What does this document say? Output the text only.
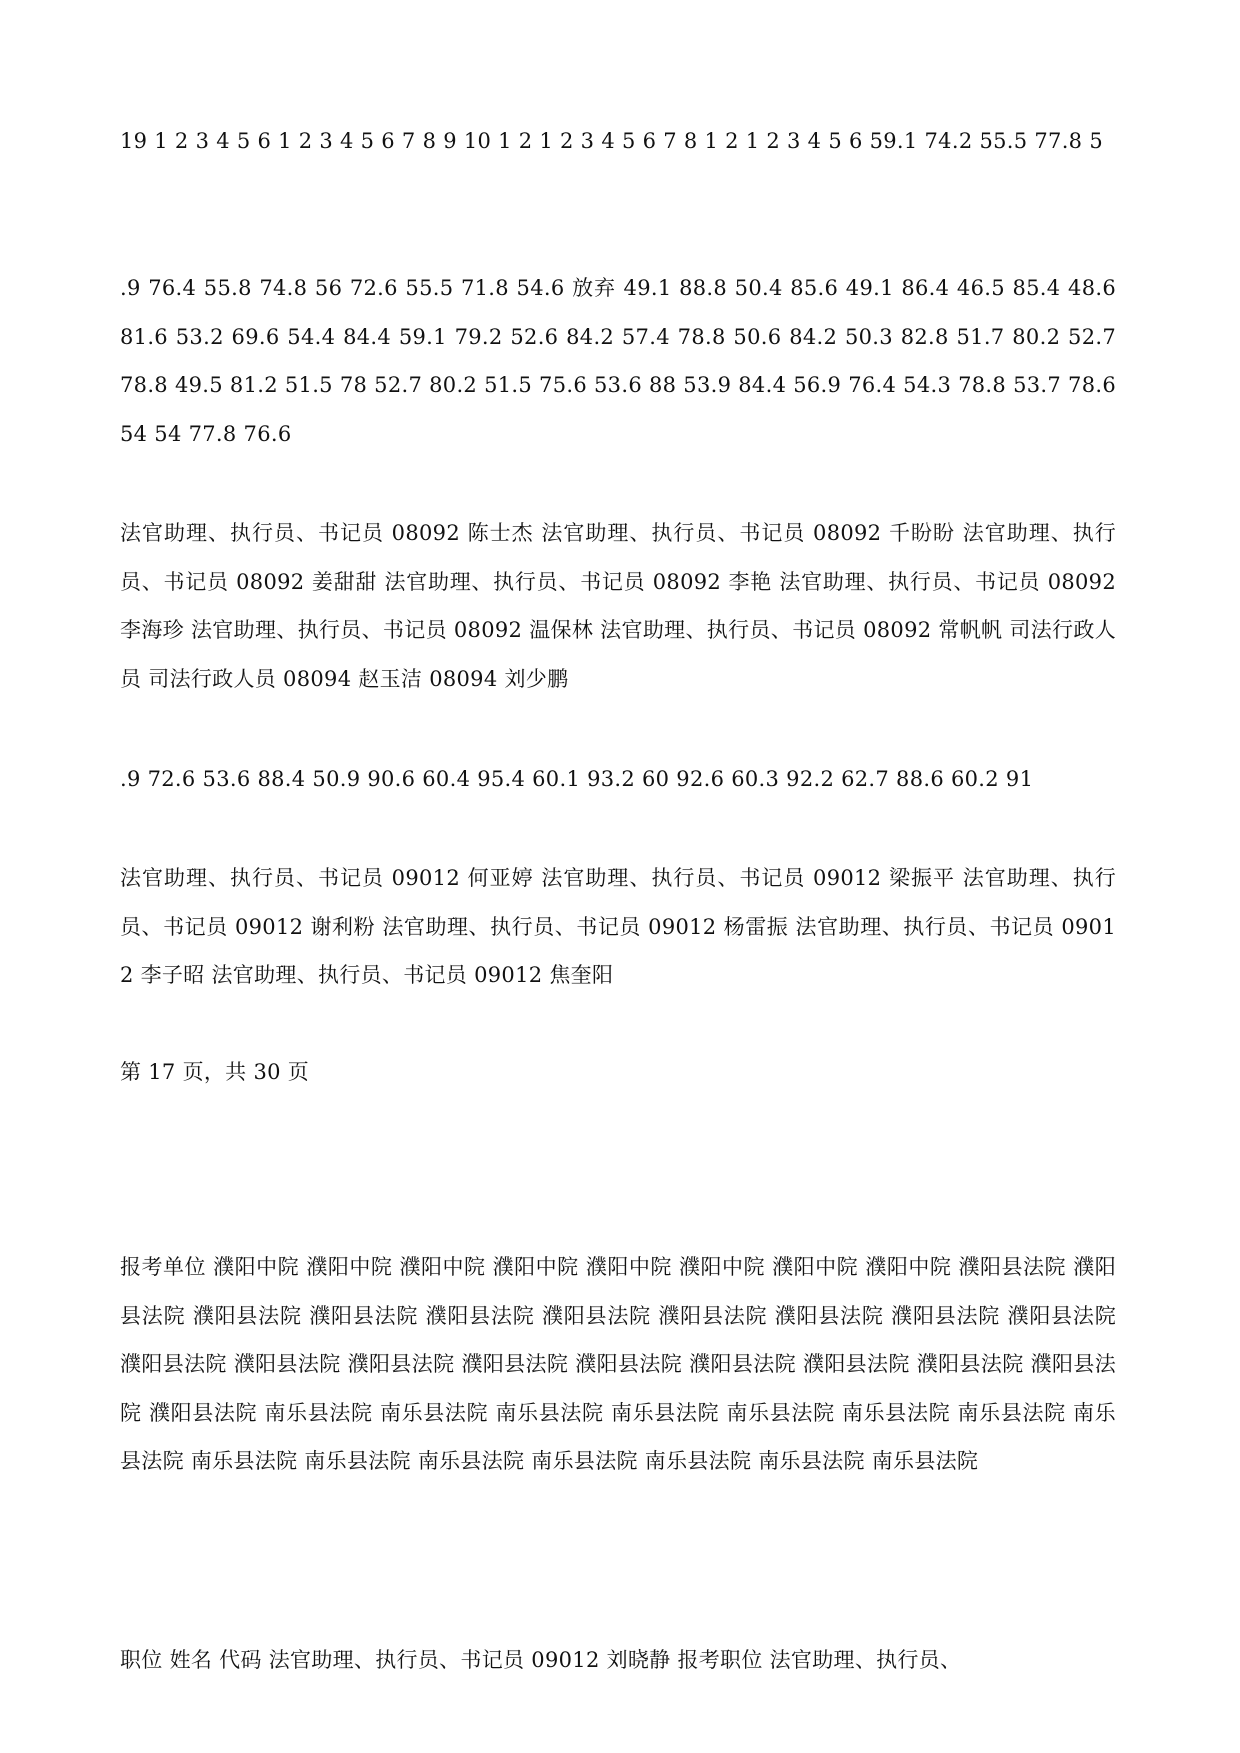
19 1 2 3 4 5 6 1 2 3 4 5 6 7 8 9 10 1 2 1 2 3 4 5 6 7 8 1 2 1 2 3 4 5 6 59.1 74.2 55.5 77.8 5

.9 76.4 55.8 74.8 56 72.6 55.5 71.8 54.6 放弃 49.1 88.8 50.4 85.6 49.1 86.4 46.5 85.4 48.6 81.6 53.2 69.6 54.4 84.4 59.1 79.2 52.6 84.2 57.4 78.8 50.6 84.2 50.3 82.8 51.7 80.2 52.7 78.8 49.5 81.2 51.5 78 52.7 80.2 51.5 75.6 53.6 88 53.9 84.4 56.9 76.4 54.3 78.8 53.7 78.6 54 54 77.8 76.6

法官助理、执行员、书记员 08092 陈士杰 法官助理、执行员、书记员 08092 千盼盼 法官助理、执行员、书记员 08092 姜甜甜 法官助理、执行员、书记员 08092 李艳 法官助理、执行员、书记员 08092 李海珍 法官助理、执行员、书记员 08092 温保林 法官助理、执行员、书记员 08092 常帆帆 司法行政人员 司法行政人员 08094 赵玉洁 08094 刘少鹏

.9 72.6 53.6 88.4 50.9 90.6 60.4 95.4 60.1 93.2 60 92.6 60.3 92.2 62.7 88.6 60.2 91

法官助理、执行员、书记员 09012 何亚婷 法官助理、执行员、书记员 09012 梁振平 法官助理、执行员、书记员 09012 谢利粉 法官助理、执行员、书记员 09012 杨雷振 法官助理、执行员、书记员 09012 李子昭 法官助理、执行员、书记员 09012 焦奎阳

第 17 页，共 30 页

报考单位 濮阳中院 濮阳中院 濮阳中院 濮阳中院 濮阳中院 濮阳中院 濮阳中院 濮阳中院 濮阳县法院 濮阳县法院 濮阳县法院 濮阳县法院 濮阳县法院 濮阳县法院 濮阳县法院 濮阳县法院 濮阳县法院 濮阳县法院 濮阳县法院 濮阳县法院 濮阳县法院 濮阳县法院 濮阳县法院 濮阳县法院 濮阳县法院 濮阳县法院 濮阳县法院 濮阳县法院 南乐县法院 南乐县法院 南乐县法院 南乐县法院 南乐县法院 南乐县法院 南乐县法院 南乐县法院 南乐县法院 南乐县法院 南乐县法院 南乐县法院 南乐县法院 南乐县法院 南乐县法院

职位 姓名 代码 法官助理、执行员、书记员 09012 刘晓静 报考职位 法官助理、执行员、
